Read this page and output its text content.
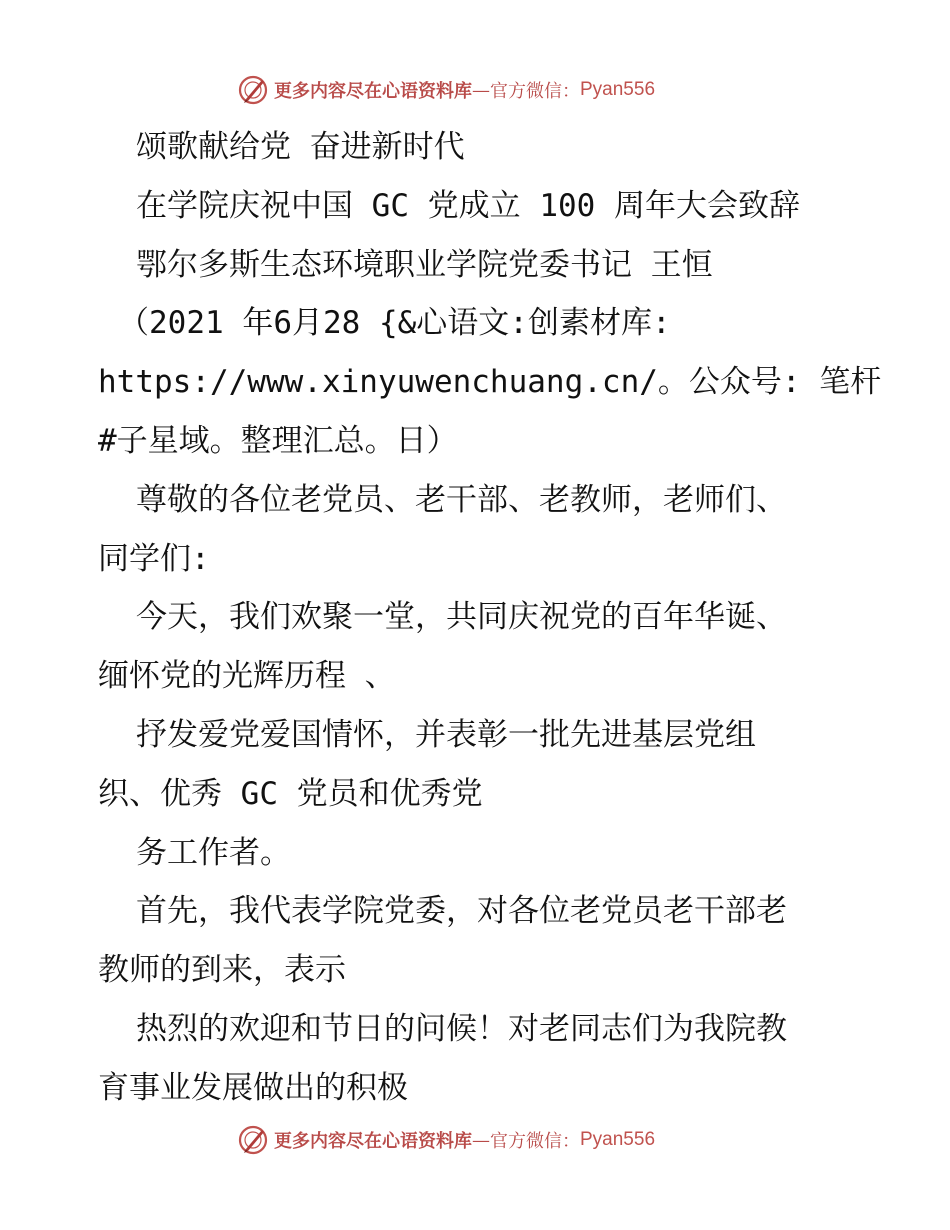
更多内容尽在心语资料库 — 官方微信： Pyan556
颂歌献给党 奋进新时代
在学院庆祝中国 GC 党成立 100 周年大会致辞
鄂尔多斯生态环境职业学院党委书记 王恒
（2021 年6月28 {&心语文:创素材库:
https://www.xinyuwenchuang.cn/。公众号: 笔杆
#子星域。整理汇总。日）
尊敬的各位老党员、老干部、老教师，老师们、
同学们:
今天，我们欢聚一堂，共同庆祝党的百年华诞、
缅怀党的光辉历程 、
抒发爱党爱国情怀，并表彰一批先进基层党组
织、优秀 GC 党员和优秀党
务工作者。
首先，我代表学院党委，对各位老党员老干部老
教师的到来，表示
热烈的欢迎和节日的问候！对老同志们为我院教
育事业发展做出的积极
更多内容尽在心语资料库 — 官方微信： Pyan556
